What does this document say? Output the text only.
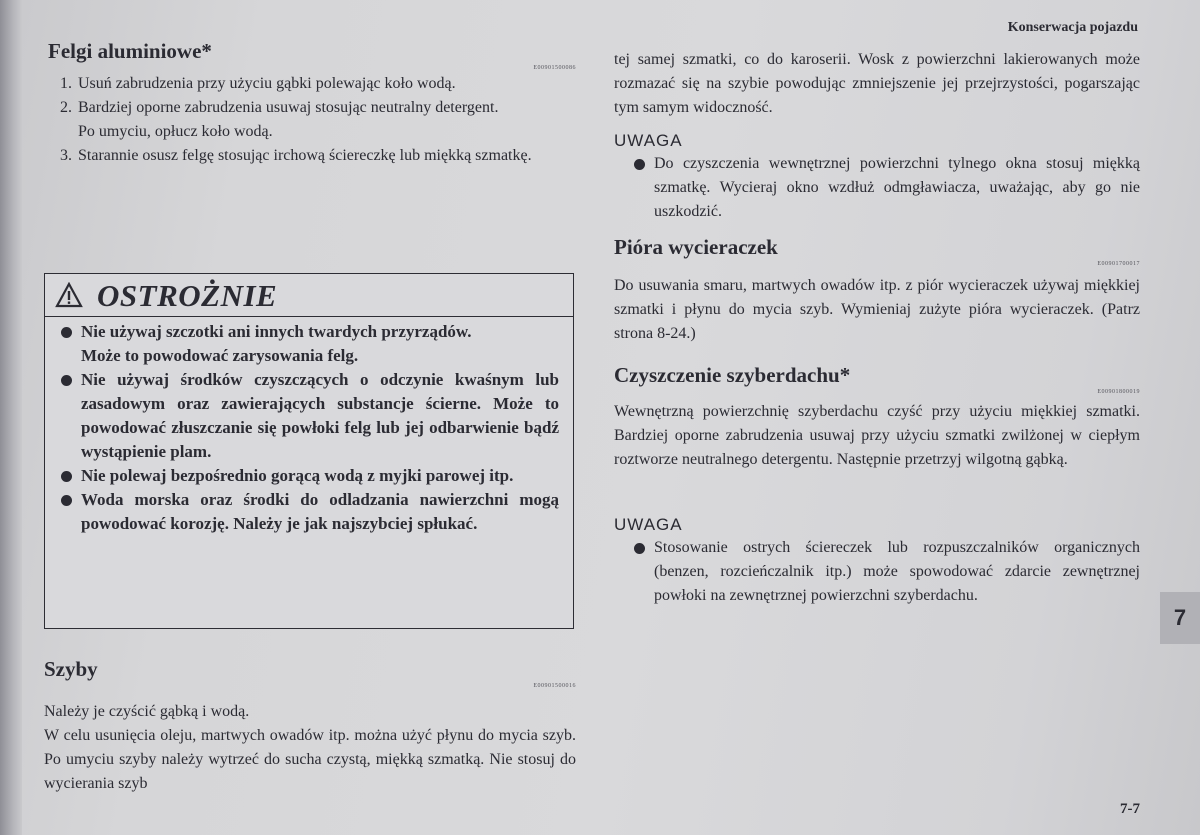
Konserwacja pojazdu
Felgi aluminiowe*
E00901500086
1. Usuń zabrudzenia przy użyciu gąbki polewając koło wodą.
2. Bardziej oporne zabrudzenia usuwaj stosując neutralny detergent.
Po umyciu, opłucz koło wodą.
3. Starannie osusz felgę stosując irchową ściereczkę lub miękką szmatkę.
OSTROŻNIE
Nie używaj szczotki ani innych twardych przyrządów.
Może to powodować zarysowania felg.
Nie używaj środków czyszczących o odczynie kwaśnym lub zasadowym oraz zawierających substancje ścierne. Może to powodować złuszczanie się powłoki felg lub jej odbarwienie bądź wystąpienie plam.
Nie polewaj bezpośrednio gorącą wodą z myjki parowej itp.
Woda morska oraz środki do odladzania nawierzchni mogą powodować korozję. Należy je jak najszybciej spłukać.
Szyby
E00901500016

Należy je czyścić gąbką i wodą.

W celu usunięcia oleju, martwych owadów itp. można użyć płynu do mycia szyb. Po umyciu szyby należy wytrzeć do sucha czystą, miękką szmatką. Nie stosuj do wycierania szyb

tej samej szmatki, co do karoserii. Wosk z powierzchni lakierowanych może rozmazać się na szybie powodując zmniejszenie jej przejrzystości, pogarszając tym samym widoczność.

UWAGA

Do czyszczenia wewnętrznej powierzchni tylnego okna stosuj miękką szmatkę. Wycieraj okno wzdłuż odmgławiacza, uważając, aby go nie uszkodzić.
Pióra wycieraczek
E00901700017

Do usuwania smaru, martwych owadów itp. z piór wycieraczek używaj miękkiej szmatki i płynu do mycia szyb. Wymieniaj zużyte pióra wycieraczek. (Patrz strona 8-24.)

Czyszczenie szyberdachu*
E00901800019

Wewnętrzną powierzchnię szyberdachu czyść przy użyciu miękkiej szmatki. Bardziej oporne zabrudzenia usuwaj przy użyciu szmatki zwilżonej w ciepłym roztworze neutralnego detergentu. Następnie przetrzyj wilgotną gąbką.

UWAGA

Stosowanie ostrych ściereczek lub rozpuszczalników organicznych (benzen, rozcieńczalnik itp.) może spowodować zdarcie zewnętrznej powłoki na zewnętrznej powierzchni szyberdachu.
7
7-7
